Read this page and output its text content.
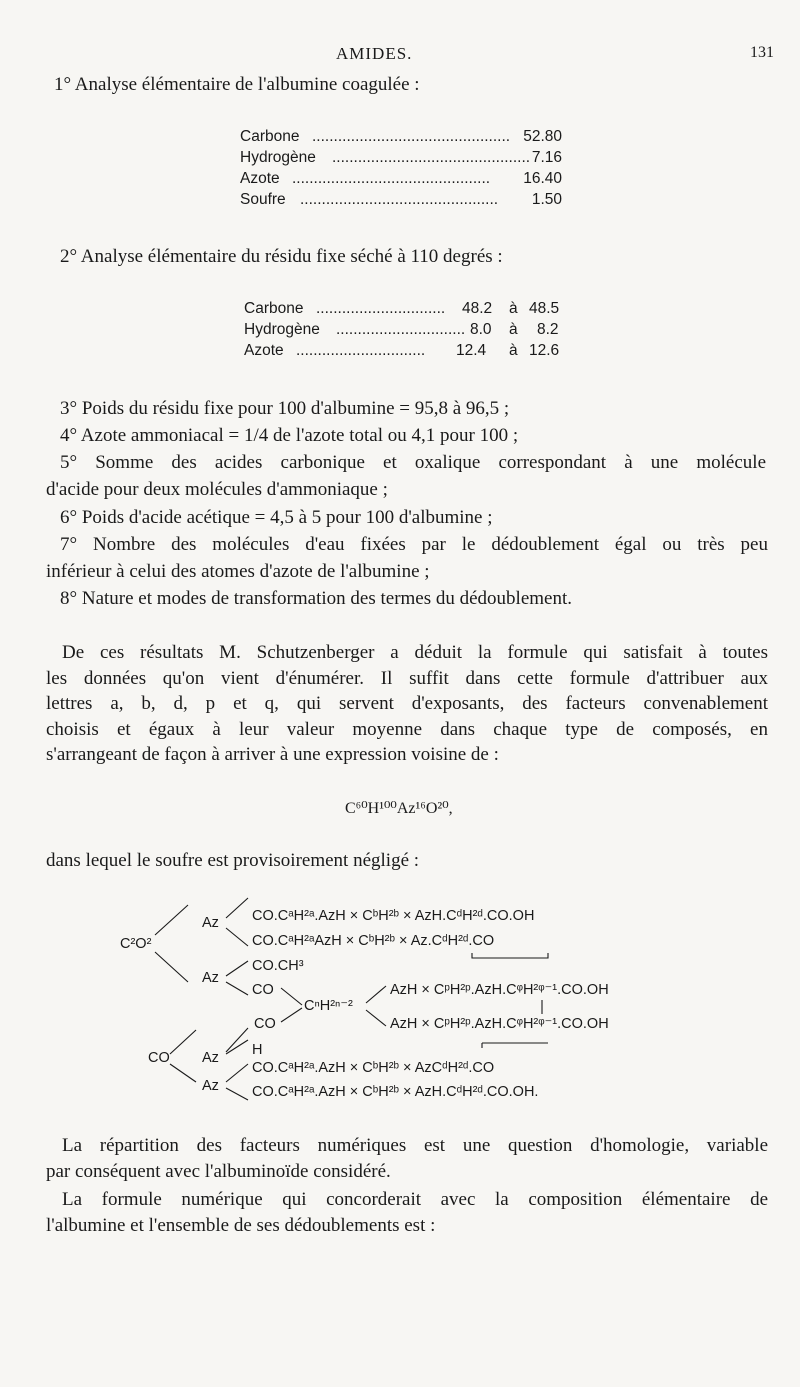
AMIDES.	131
1° Analyse élémentaire de l'albumine coagulée :
Carbone .............................................. 52.80
Hydrogène .............................................. 7.16
Azote .............................................. 16.40
Soufre .............................................. 1.50
2° Analyse élémentaire du résidu fixe séché à 110 degrés :
Carbone .............................. 48.2 à 48.5
Hydrogène .............................. 8.0 à 8.2
Azote ..............................	12.4 à 12.6
3° Poids du résidu fixe pour 100 d'albumine = 95,8 à 96,5 ;
4° Azote ammoniacal = 1/4 de l'azote total ou 4,1 pour 100 ;
5° Somme des acides carbonique et oxalique correspondant à une molécule
d'acide pour deux molécules d'ammoniaque ;
6° Poids d'acide acétique = 4,5 à 5 pour 100 d'albumine ;
7° Nombre des molécules d'eau fixées par le dédoublement égal ou très peu
inférieur à celui des atomes d'azote de l'albumine ;
8° Nature et modes de transformation des termes du dédoublement.
De ces résultats M. Schutzenberger a déduit la formule qui satisfait à toutes
les données qu'on vient d'énumérer. Il suffit dans cette formule d'attribuer aux
lettres a, b, d, p et q, qui servent d'exposants, des facteurs convenablement
choisis et égaux à leur valeur moyenne dans chaque type de composés, en
s'arrangeant de façon à arriver à une expression voisine de :
C⁶⁰H¹⁰⁰Az¹⁶O²⁰,
dans lequel le soufre est provisoirement négligé :
C²O²
Az CO.CᵃH²ᵃ.AzH × CᵇH²ᵇ × AzH.CᵈH²ᵈ.CO.OH
CO.CᵃH²ᵃAzH × CᵇH²ᵇ × Az.CᵈH²ᵈ.CO
Az
CO.CH³
CO
CⁿH²ⁿ⁻²
AzH × CᵖH²ᵖ.AzH.CᵠH²ᵠ⁻¹.CO.OH
AzH × CᵖH²ᵖ.AzH.CᵠH²ᵠ⁻¹.CO.OH
CO
Az H
CO
Az
CO.CᵃH²ᵃ.AzH × CᵇH²ᵇ × AzCᵈH²ᵈ.CO
CO.CᵃH²ᵃ.AzH × CᵇH²ᵇ × AzH.CᵈH²ᵈ.CO.OH.
La répartition des facteurs numériques est une question d'homologie, variable
par conséquent avec l'albuminoïde considéré.
La formule numérique qui concorderait avec la composition élémentaire de
l'albumine et l'ensemble de ses dédoublements est :
